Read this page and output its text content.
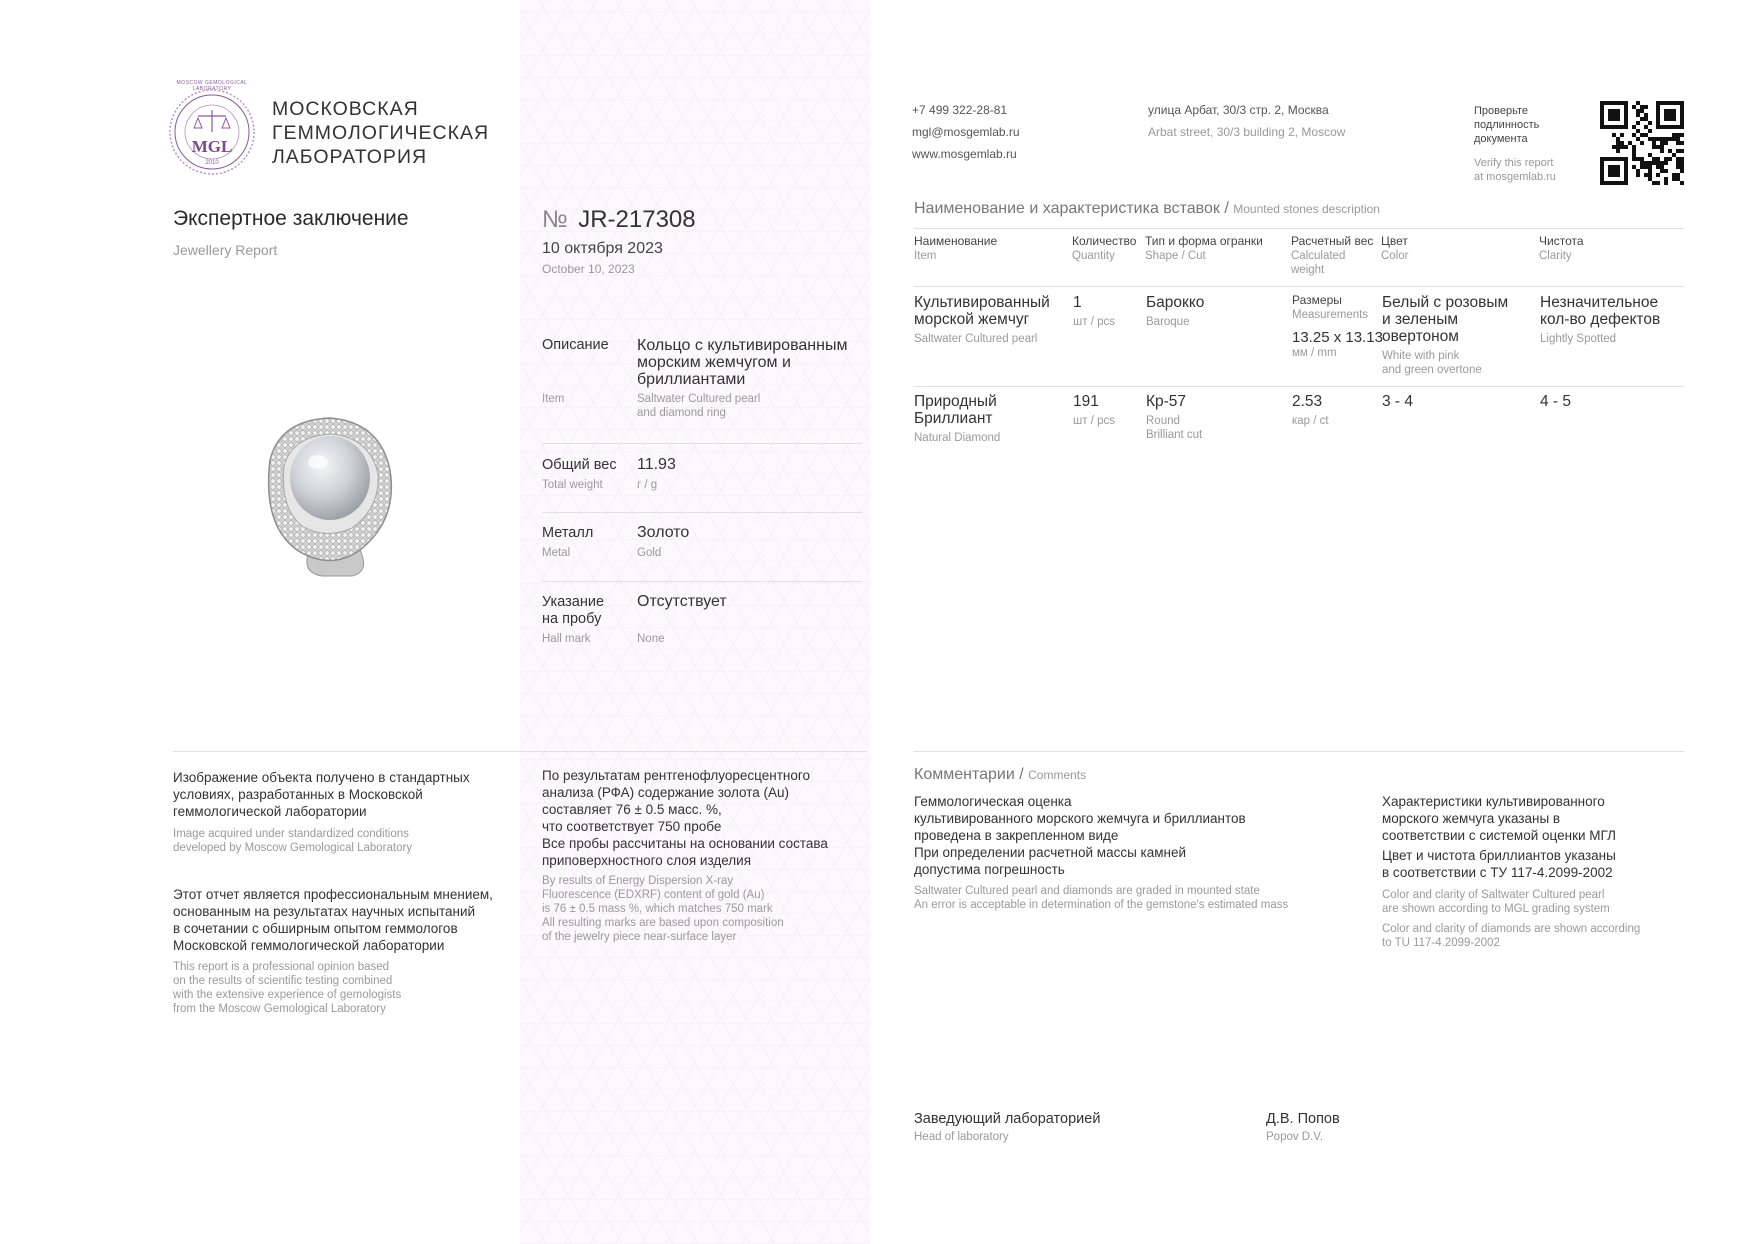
MGL
2010
MOSCOW GEMOLOGICAL LABORATORY
МОСКОВСКАЯ
ГЕММОЛОГИЧЕСКАЯ
ЛАБОРАТОРИЯ
Экспертное заключение
Jewellery Report
№ JR-217308
10 октября 2023
October 10, 2023
Описание
Item
Кольцо с культивированным
морским жемчугом и
бриллиантами
Saltwater Cultured pearl
and diamond ring
Общий вес
Total weight
11.93
г / g
Металл
Metal
Золото
Gold
Указание
на пробу
Hall mark
Отсутствует
None
+7 499 322-28-81
mgl@mosgemlab.ru
www.mosgemlab.ru
улица Арбат, 30/3 стр. 2, Москва
Arbat street, 30/3 building 2, Moscow
Проверьте
подлинность
документа
Verify this report
at mosgemlab.ru
Наименование и характеристика вставок / Mounted stones description
Наименование
Item
Количество
Quantity
Тип и форма огранки
Shape / Cut
Расчетный вес
Calculated
weight
Цвет
Color
Чистота
Clarity
Культивированный
морской жемчуг
Saltwater Cultured pearl
1
шт / pcs
Барокко
Baroque
Размеры
Measurements
13.25 x 13.13
мм / mm
Белый с розовым
и зеленым
овертоном
White with pink
and green overtone
Незначительное
кол-во дефектов
Lightly Spotted
Природный
Бриллиант
Natural Diamond
191
шт / pcs
Кр-57
Round
Brilliant cut
2.53
кар / ct
3 - 4	4 - 5
Изображение объекта получено в стандартных
условиях, разработанных в Московской
геммологической лаборатории
Image acquired under standardized conditions
developed by Moscow Gemological Laboratory
Этот отчет является профессиональным мнением,
основанным на результатах научных испытаний
в сочетании с обширным опытом геммологов
Московской геммологической лаборатории
This report is a professional opinion based
on the results of scientific testing combined
with the extensive experience of gemologists
from the Moscow Gemological Laboratory
По результатам рентгенофлуоресцентного
анализа (РФА) содержание золота (Au)
составляет 76 ± 0.5 масс. %,
что соответствует 750 пробе
Все пробы рассчитаны на основании состава
приповерхностного слоя изделия
By results of Energy Dispersion X-ray
Fluorescence (EDXRF) content of gold (Au)
is 76 ± 0.5 mass %, which matches 750 mark
All resulting marks are based upon composition
of the jewelry piece near-surface layer
Комментарии / Comments
Геммологическая оценка
культивированного морского жемчуга и бриллиантов
проведена в закрепленном виде
При определении расчетной массы камней
допустима погрешность
Saltwater Cultured pearl and diamonds are graded in mounted state
An error is acceptable in determination of the gemstone's estimated mass
Характеристики культивированного
морского жемчуга указаны в
соответствии с системой оценки МГЛ
Цвет и чистота бриллиантов указаны
в соответствии с ТУ 117-4.2099-2002
Color and clarity of Saltwater Cultured pearl
are shown according to MGL grading system
Color and clarity of diamonds are shown according
to TU 117-4.2099-2002
Заведующий лабораторией
Head of laboratory
Д.В. Попов
Popov D.V.
